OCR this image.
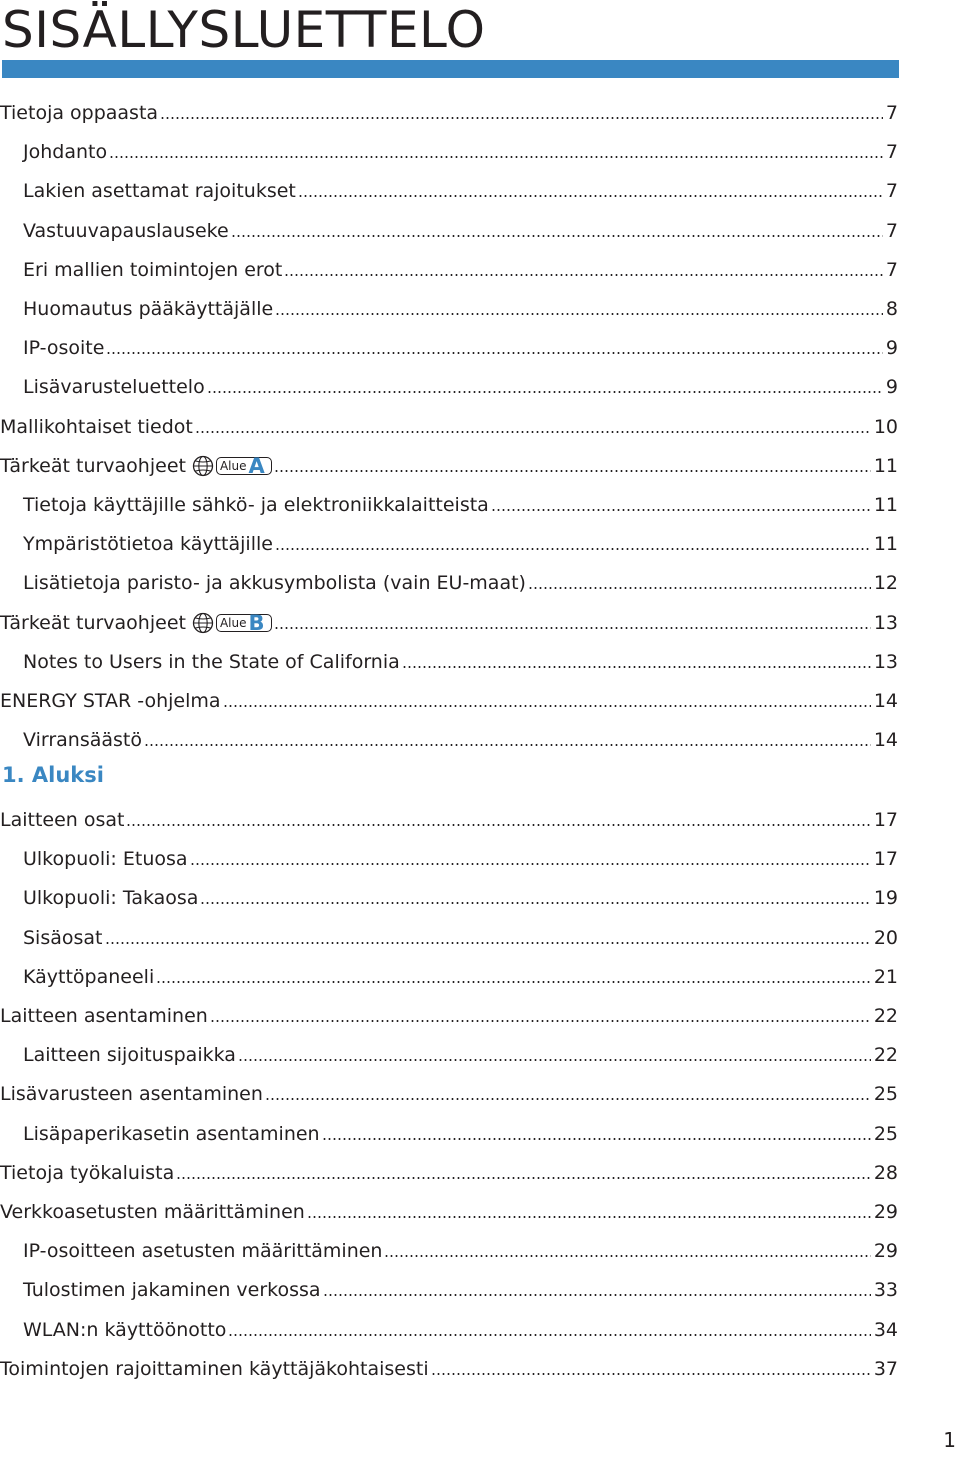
SISÄLLYSLUETTELO
1
Tietoja oppaasta	7
Johdanto	7
Lakien asettamat rajoitukset	7
Vastuuvapauslauseke	7
Eri mallien toimintojen erot	7
Huomautus pääkäyttäjälle	8
IP-osoite	9
Lisävarusteluettelo	9
Mallikohtaiset tiedot	10
Tärkeät turvaohjeet	Alue A	11
Tietoja käyttäjille sähkö- ja elektroniikkalaitteista	11
Ympäristötietoa käyttäjille	11
Lisätietoja paristo- ja akkusymbolista (vain EU-maat)	12
Tärkeät turvaohjeet	Alue B	13
Notes to Users in the State of California	13
ENERGY STAR -ohjelma	14
Virransäästö	14
1. Aluksi
Laitteen osat	17
Ulkopuoli: Etuosa	17
Ulkopuoli: Takaosa	19
Sisäosat	20
Käyttöpaneeli	21
Laitteen asentaminen	22
Laitteen sijoituspaikka	22
Lisävarusteen asentaminen	25
Lisäpaperikasetin asentaminen	25
Tietoja työkaluista	28
Verkkoasetusten määrittäminen	29
IP-osoitteen asetusten määrittäminen	29
Tulostimen jakaminen verkossa	33
WLAN:n käyttöönotto	34
Toimintojen rajoittaminen käyttäjäkohtaisesti	37
